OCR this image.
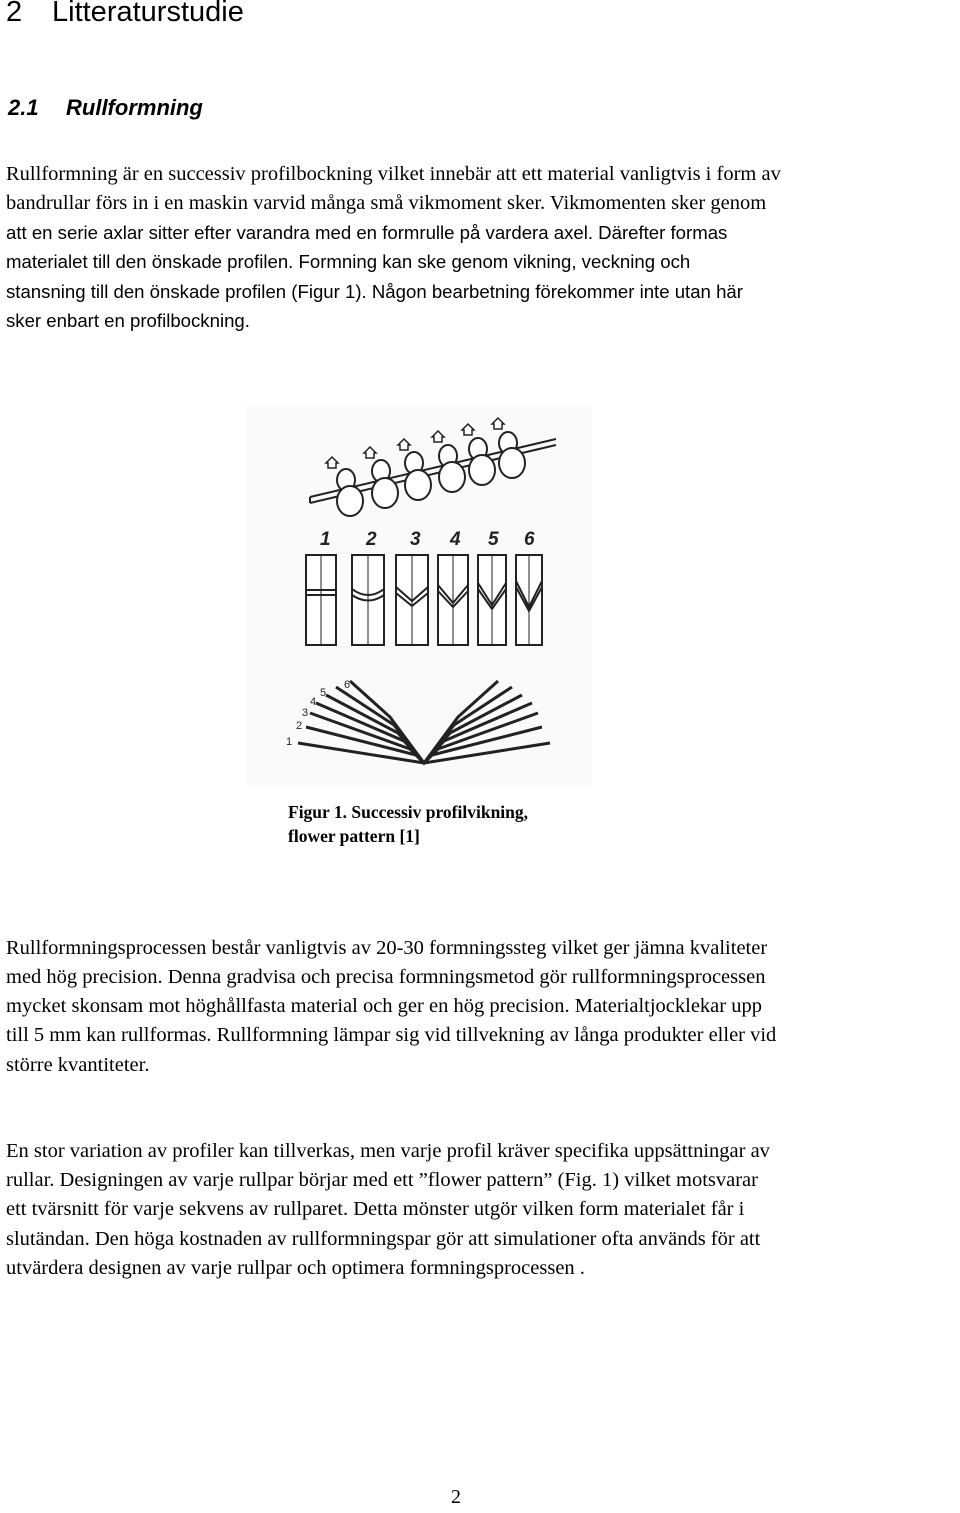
2 Litteraturstudie
2.1 Rullformning
Rullformning är en successiv profilbockning vilket innebär att ett material vanligtvis i form av
bandrullar förs in i en maskin varvid många små vikmoment sker. Vikmomenten sker genom
att en serie axlar sitter efter varandra med en formrulle på vardera axel. Därefter formas
materialet till den önskade profilen. Formning kan ske genom vikning, veckning och
stansning till den önskade profilen (Figur 1). Någon bearbetning förekommer inte utan här
sker enbart en profilbockning.
1 2 3 4 5 6
1
2
3
4
5
6
Figur 1. Successiv profilvikning,
flower pattern [1]
Rullformningsprocessen består vanligtvis av 20-30 formningssteg vilket ger jämna kvaliteter
med hög precision. Denna gradvisa och precisa formningsmetod gör rullformningsprocessen
mycket skonsam mot höghållfasta material och ger en hög precision. Materialtjocklekar upp
till 5 mm kan rullformas. Rullformning lämpar sig vid tillvekning av långa produkter eller vid
större kvantiteter.
En stor variation av profiler kan tillverkas, men varje profil kräver specifika uppsättningar av
rullar. Designingen av varje rullpar börjar med ett ”flower pattern” (Fig. 1) vilket motsvarar
ett tvärsnitt för varje sekvens av rullparet. Detta mönster utgör vilken form materialet får i
slutändan. Den höga kostnaden av rullformningspar gör att simulationer ofta används för att
utvärdera designen av varje rullpar och optimera formningsprocessen .
2
